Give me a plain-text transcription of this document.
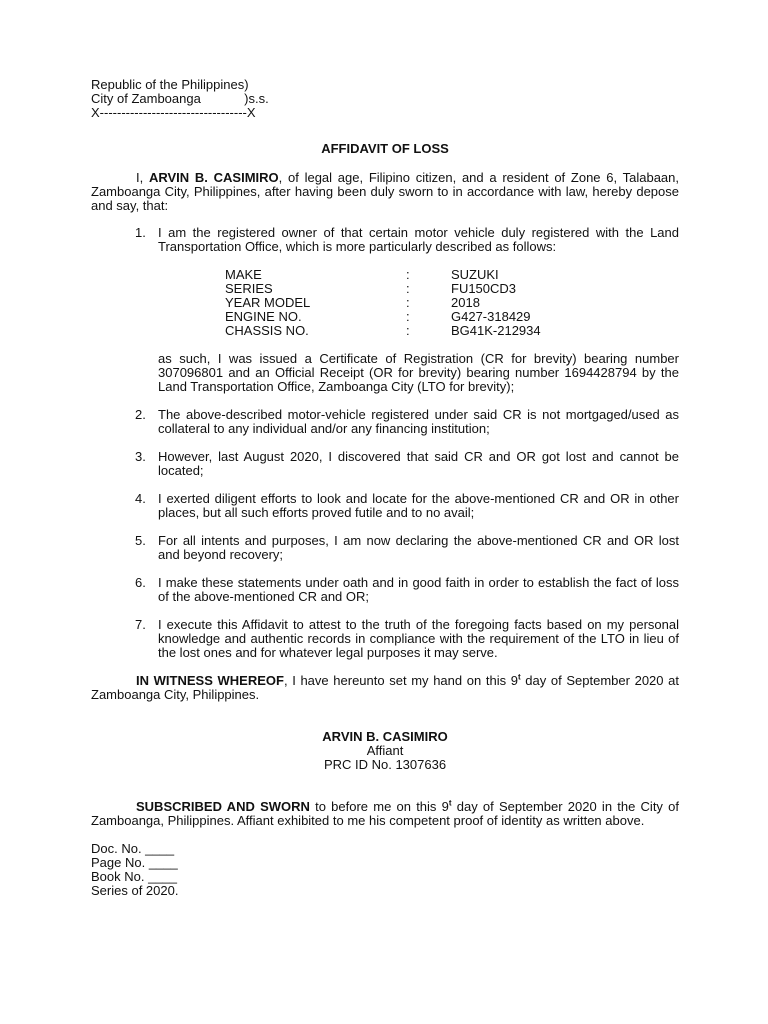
Republic of the Philippines)
City of Zamboanga            )s.s.
X----------------------------------X
AFFIDAVIT OF LOSS

I, ARVIN B. CASIMIRO, of legal age, Filipino citizen, and a resident of Zone 6, Talabaan, Zamboanga City, Philippines, after having been duly sworn to in accordance with law, hereby depose and say, that:

1. I am the registered owner of that certain motor vehicle duly registered with the Land Transportation Office, which is more particularly described as follows:
MAKE	:	SUZUKI
SERIES	:	FU150CD3
YEAR MODEL	:	2018
ENGINE NO.	:	G427-318429
CHASSIS NO.	:	BG41K-212934

as such, I was issued a Certificate of Registration (CR for brevity) bearing number 307096801 and an Official Receipt (OR for brevity) bearing number 1694428794 by the Land Transportation Office, Zamboanga City (LTO for brevity);

2. The above-described motor-vehicle registered under said CR is not mortgaged/used as collateral to any individual and/or any financing institution;
3. However, last August 2020, I discovered that said CR and OR got lost and cannot be located;
4. I exerted diligent efforts to look and locate for the above-mentioned CR and OR in other places, but all such efforts proved futile and to no avail;
5. For all intents and purposes, I am now declaring the above-mentioned CR and OR lost and beyond recovery;
6. I make these statements under oath and in good faith in order to establish the fact of loss of the above-mentioned CR and OR;
7. I execute this Affidavit to attest to the truth of the foregoing facts based on my personal knowledge and authentic records in compliance with the requirement of the LTO in lieu of the lost ones and for whatever legal purposes it may serve.

IN WITNESS WHEREOF, I have hereunto set my hand on this 9$^t$ day of September 2020 at Zamboanga City, Philippines.

ARVIN B. CASIMIRO
Affiant
PRC ID No. 1307636

SUBSCRIBED AND SWORN to before me on this 9$^t$ day of September 2020 in the City of Zamboanga, Philippines. Affiant exhibited to me his competent proof of identity as written above.

Doc. No. ____
Page No. ____
Book No. ____
Series of 2020.
